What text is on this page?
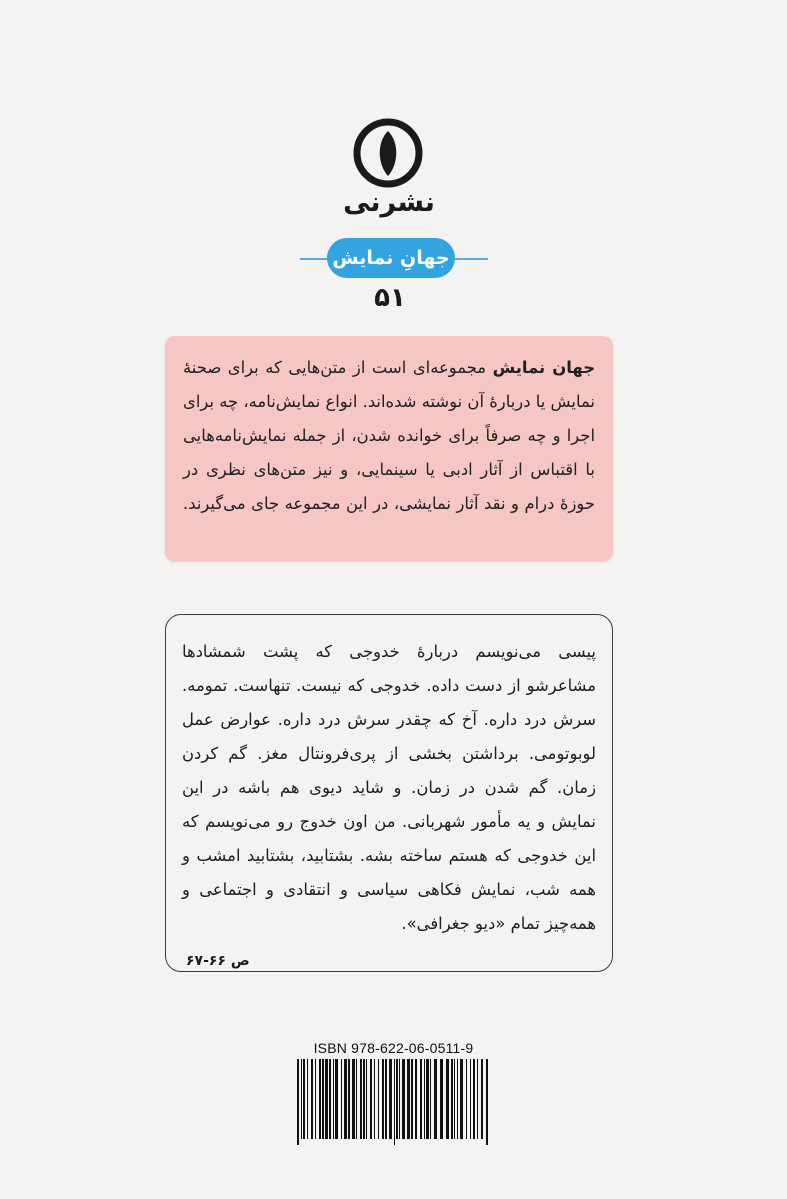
نشرنی
جهانِ نمایش
۵۱

جهان نمایش مجموعه‌ای است از متن‌هایی که برای صحنهٔ نمایش یا دربارهٔ آن نوشته شده‌اند. انواع نمایش‌نامه، چه برای اجرا و چه صرفاً برای خوانده شدن، از جمله نمایش‌نامه‌هایی با اقتباس از آثار ادبی یا سینمایی، و نیز متن‌های نظری در حوزهٔ درام و نقد آثار نمایشی، در این مجموعه جای می‌گیرند.

پیسی می‌نویسم دربارهٔ خدوجی که پشت شمشادها مشاعرشو از دست داده. خدوجی که نیست. تنهاست. تمومه. سرش درد داره. آخ که چقدر سرش درد داره. عوارض عمل لوبوتومی. برداشتن بخشی از پری‌فرونتال مغز. گم کردن زمان. گم شدن در زمان. و شاید دیوی هم باشه در این نمایش و یه مأمور شهربانی. من اون خدوج رو می‌نویسم که این خدوجی که هستم ساخته بشه. بشتابید، بشتابید امشب و همه شب، نمایش فکاهی سیاسی و انتقادی و اجتماعی و همه‌چیز تمام «دیو جغرافی».

ص ۶۶-۶۷
ISBN 978-622-06-0511-9
